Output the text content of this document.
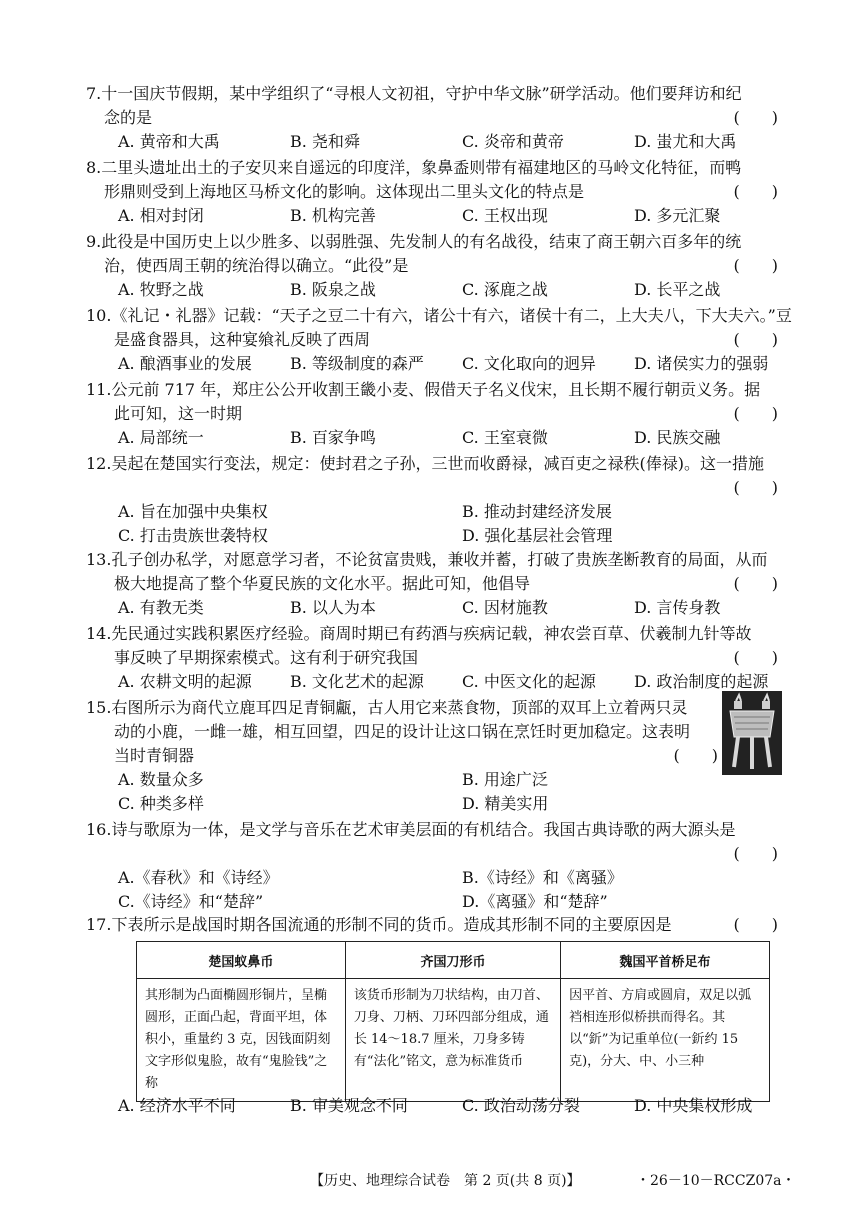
7.十一国庆节假期，某中学组织了“寻根人文初祖，守护中华文脉”研学活动。他们要拜访和纪
念的是	(　　)
A. 黄帝和大禹	B. 尧和舜	C. 炎帝和黄帝	D. 蚩尤和大禹
8.二里头遗址出土的子安贝来自遥远的印度洋，象鼻盉则带有福建地区的马岭文化特征，而鸭
形鼎则受到上海地区马桥文化的影响。这体现出二里头文化的特点是	(　　)
A. 相对封闭	B. 机构完善	C. 王权出现	D. 多元汇聚
9.此役是中国历史上以少胜多、以弱胜强、先发制人的有名战役，结束了商王朝六百多年的统
治，使西周王朝的统治得以确立。“此役”是	(　　)
A. 牧野之战	B. 阪泉之战	C. 涿鹿之战	D. 长平之战
10.《礼记・礼器》记载：“天子之豆二十有六，诸公十有六，诸侯十有二，上大夫八，下大夫六。”豆
是盛食器具，这种宴飨礼反映了西周	(　　)
A. 酿酒事业的发展 B. 等级制度的森严 C. 文化取向的迥异 D. 诸侯实力的强弱
11.公元前 717 年，郑庄公公开收割王畿小麦、假借天子名义伐宋，且长期不履行朝贡义务。据
此可知，这一时期	(　　)
A. 局部统一	B. 百家争鸣	C. 王室衰微	D. 民族交融
12.吴起在楚国实行变法，规定：使封君之子孙，三世而收爵禄，减百吏之禄秩(俸禄)。这一措施
(　　)
A. 旨在加强中央集权	B. 推动封建经济发展
C. 打击贵族世袭特权	D. 强化基层社会管理
13.孔子创办私学，对愿意学习者，不论贫富贵贱，兼收并蓄，打破了贵族垄断教育的局面，从而
极大地提高了整个华夏民族的文化水平。据此可知，他倡导	(　　)
A. 有教无类	B. 以人为本	C. 因材施教	D. 言传身教
14.先民通过实践积累医疗经验。商周时期已有药酒与疾病记载，神农尝百草、伏羲制九针等故
事反映了早期探索模式。这有利于研究我国	(　　)
A. 农耕文明的起源 B. 文化艺术的起源 C. 中医文化的起源 D. 政治制度的起源
15.右图所示为商代立鹿耳四足青铜甗，古人用它来蒸食物，顶部的双耳上立着两只灵
动的小鹿，一雌一雄，相互回望，四足的设计让这口锅在烹饪时更加稳定。这表明
当时青铜器	(　　)
A. 数量众多	B. 用途广泛
C. 种类多样	D. 精美实用
16.诗与歌原为一体，是文学与音乐在艺术审美层面的有机结合。我国古典诗歌的两大源头是
(　　)
A.《春秋》和《诗经》	B.《诗经》和《离骚》
C.《诗经》和“楚辞”	D.《离骚》和“楚辞”
17.下表所示是战国时期各国流通的形制不同的货币。造成其形制不同的主要原因是	(　　)
楚国蚁鼻币	齐国刀形币	魏国平首桥足布
其形制为凸面椭圆形铜片，呈椭圆形，正面凸起，背面平坦，体积小，重量约 3 克，因钱面阴刻文字形似鬼脸，故有“鬼脸钱”之称	该货币形制为刀状结构，由刀首、刀身、刀柄、刀环四部分组成，通长 14～18.7 厘米，刀身多铸有“法化”铭文，意为标准货币	因平首、方肩或圆肩，双足以弧裆相连形似桥拱而得名。其以“釿”为记重单位(一釿约 15 克)，分大、中、小三种
A. 经济水平不同	B. 审美观念不同	C. 政治动荡分裂	D. 中央集权形成
【历史、地理综合试卷　第 2 页(共 8 页)】	・26－10－RCCZ07a・
